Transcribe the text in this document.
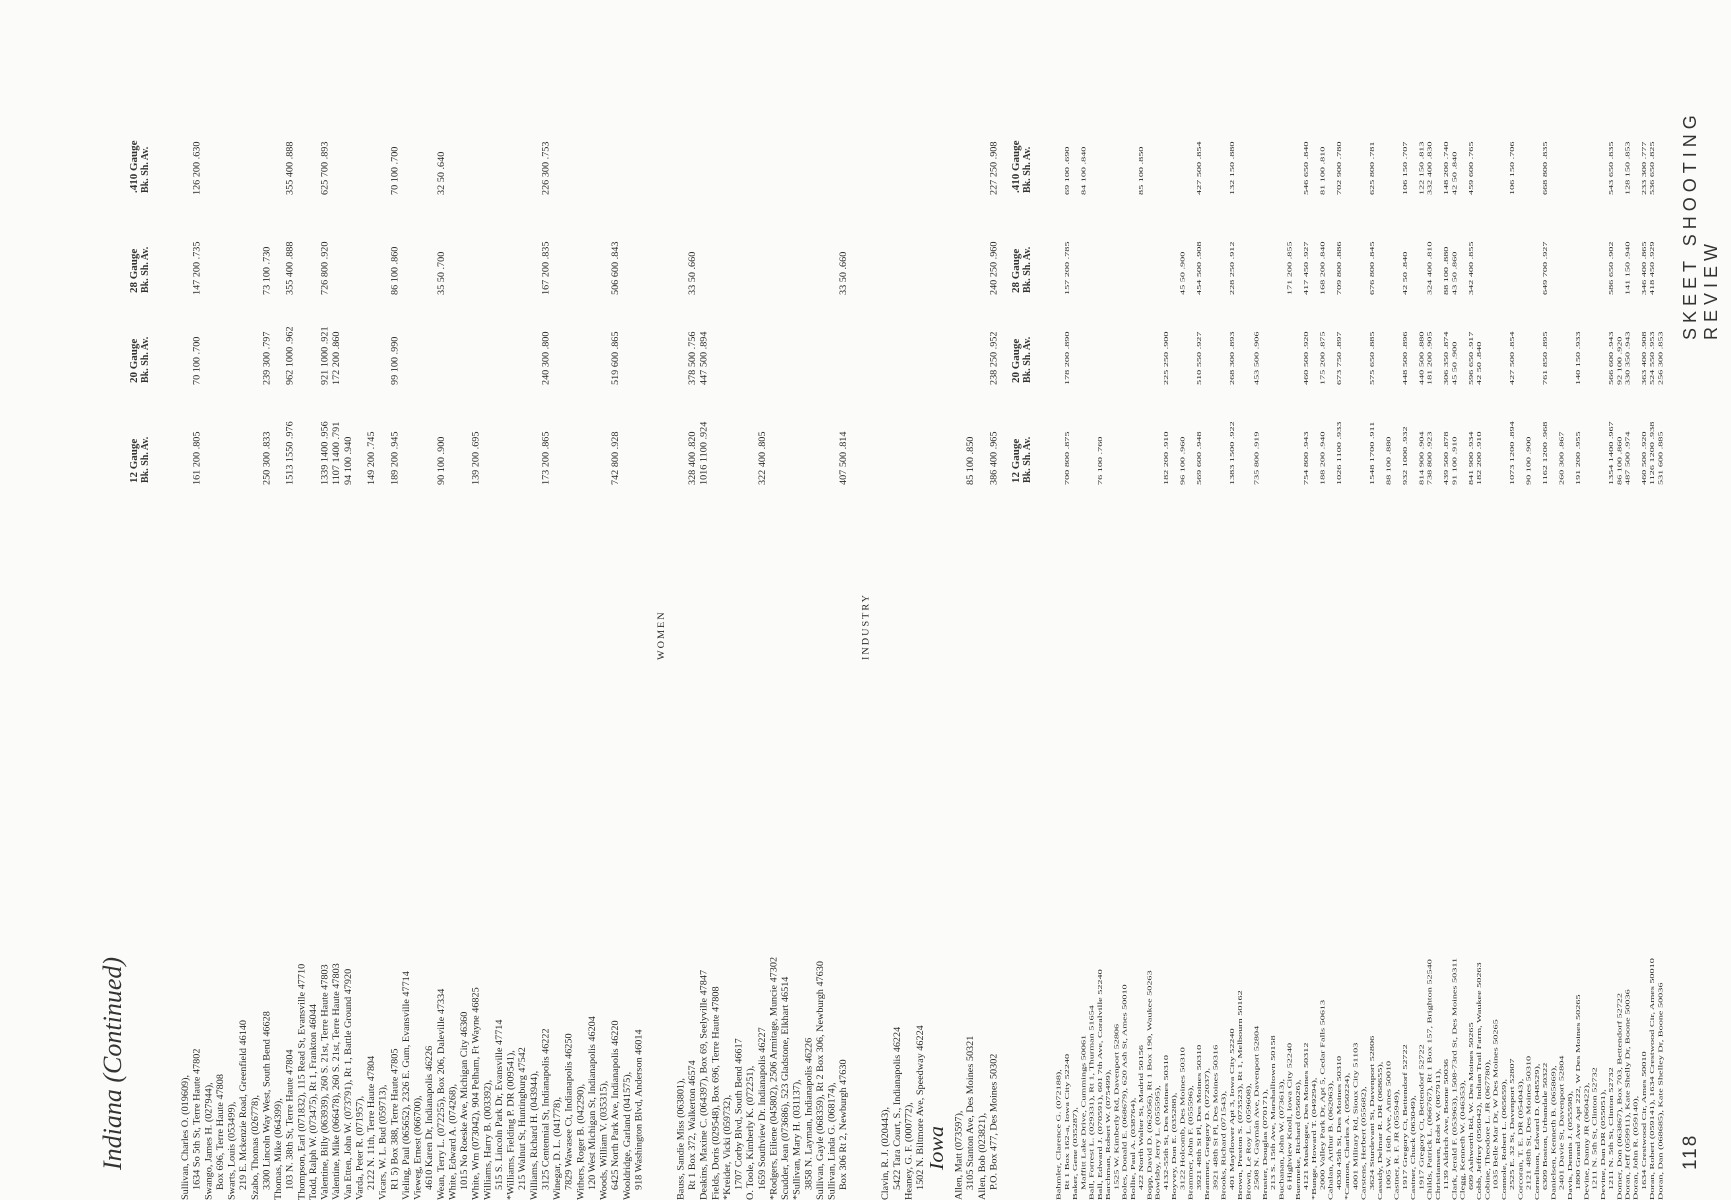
Indiana (Continued)
12 Gauge Bk. Sh. Av.
20 Gauge Bk. Sh. Av.
28 Gauge Bk. Sh. Av.
.410 Gauge Bk. Sh. Av.
Sullivan, Charles O. (019609), 1634 So 5th St, Terre Haute 47802
161 200 .805
70 100 .700
147 200 .735
126 200 .630
Swango, James H. (027944), Box 696, Terre Haute 47808 Swarts, Louis (053499), 219 E. Mckenzie Road, Greenfield 46140 Szabo, Thomas (026778), 3300 Lincoln Way West, South Bend 46628
250 300 .833
239 300 .797
73 100 .730
Thomas, Mike (064399), 103 N. 38th St, Terre Haute 47804
1513 1550 .976
962 1000 .962
355 400 .888
355 400 .888
Thompson, Earl (071832), 115 Read St, Evansville 47710 Todd, Ralph W. (073475), Rt 1, Frankton 46044 Valentine, Billy (063939), 260 S. 21st, Terre Haute 47803
1339 1400 .956
921 1000 .921
726 800 .920
625 700 .893
Valentine, Mike (066478), 260 S. 21st, Terre Haute 47803
1107 1400 .791
172 200 .860
Van Etten, John W. (073791), Rt 1, Battle Ground 47920
94 100 .940
Varda, Peter R. (071957), 2122 N. 11th, Terre Haute 47804
149 200 .745
Vicars, W. L. Bud (059713), R1 5) Box 388, Terre Haute 47805
189 200 .945
99 100 .990
86 100 .860
70 100 .700
Vieling, Paul (065652), 2326 E. Gum, Evansville 47714 Vieweg, Ernest (066700), 4610 Karen Dr, Indianapolis 46226 Wean, Terry L. (072255), Box 206, Daleville 47334
90 100 .900
35 50 .700
32 50 .640
White, Edward A. (074268), 1015 No Roeske Ave, Michigan City 46360 White, Wm (073042), 904 Pelham, Ft Wayne 46825
139 200 .695
Williams, Harry B. (003392), 515 S. Lincoln Park Dr, Evansville 47714 *Williams, Fielding P. DR (009541), 215 Walnut St, Huntingburg 47542 Williams, Richard H. (043944), 3125 Centennial St, Indianapolis 46222
173 200 .865
240 300 .800
167 200 .835
226 300 .753
Winegar, D. L. (041778), 7829 Wawasee Ct, Indianapolis 46250 Withers, Roger B. (042290), 120 West Michigan St, Indianapolis 46204 Woods, William V. (035315), 6425 North Park Ave, Indianapolis 46220
742 800 .928
519 600 .865
506 600 .843
Wooldridge, Garland (041575), 918 Washington Blvd, Anderson 46014
WOMEN
Bauss, Sandie Miss (063801), Rt 1 Box 372, Walkerton 46574
328 400 .820
378 500 .756
33 50 .660
Deakins, Maxine C. (064397), Box 69, Seelyville 47847
1016 1100 .924
447 500 .894
Fields, Doris (029548), Box 696, Terre Haute 47808 *Kreider, Vicki (059732), 1707 Corby Blvd, South Bend 46617 O. Toole, Kimberly K. (072251), 1659 Southview Dr. Indianapolis 46227
322 400 .805
*Rodgers, Eiliene (045802), 2506 Armitage, Muncie 47302 Scudder, Jean (073686), 523 Gladstone, Elkhart 46514 *Sullivan, Mary H. (031137), 3858 N. Layman, Indianapolis 46226 Sullivan, Gayle (068359), Rt 2 Box 306, Newburgh 47630 Sullivan, Linda G. (068174), Box 306 Rt 2, Newburgh 47630
407 500 .814
33 50 .660
INDUSTRY
Clavin, R. J. (020443), 5422 Tara Court, S., Indianapolis 46224 Heaney, G. F. (000772), 1502 N. Biltmore Ave, Speedway 46224 Iowa Allen, Matt (073597), 3105 Stanton Ave, Des Moines 50321
85 100 .850
Allen, Bob (023821), P.O. Box 477, Des Moines 50302
386 400 .965
238 250 .952
240 250 .960
227 250 .908
12 Gauge Bk. Sh. Av.
20 Gauge Bk. Sh. Av.
28 Gauge Bk. Sh. Av.
.410 Gauge Bk. Sh. Av.
Bahmler, Clarence G. (072188), Rt 1 Box 162-a, Iowa City 52240
700 800 .875
178 200 .890
157 200 .785
69 100 .690
Baker, Gene (035287), Maffitt Lake Drive, Cummings 50061
84 100 .840
Ball, Forrest L. (029331), Rt 1, Thurman 51654 Ball, Edward J. (070591), 601 7th Ave, Coralville 52240
76 100 .760
Barchman, Robert W. (075499), 1525 W. Kimberly Rd, Davenport 52806 Boles, Donald E. (068679), 620 Ash St, Ames 50010 Bollie, Paul A. (038764), 422 North Walter St, Madrid 50156
85 100 .850
Bopp, David D. (062056), Rt 1 Box 190, Waukee 50263 Bowlsby, Jerry L. (055595), 4132-55th St, Des Moines 50310
182 200 .910
225 250 .900
Boyvey, Don E. (035288), 3122 Holcomb, Des Moines 50310
96 100 .960
45 50 .900
Brammer, John F. (055596), 3921 48th St Pl, Des Moines 50310
569 600 .948
510 550 .927
454 500 .908
427 500 .854
Brammer, Gregory D. (072037), 3921 48th St Pl, Des Moines 50316 Brooks, Richard (071543), 401 Mayflower Apt 3, Iowa City 52240
1383 1500 .922
268 300 .893
228 250 .912
132 150 .880
Brown, Preston S. (073523), Rt 1, Melbourn 50162 Brown, Le Roy L. (059608), 2508 N. Gaymán Ave, Davenport 52804
735 800 .919
453 500 .906
Bruster, Douglas (070171), 213 S. 15th Ave, Marshalltown 50158 Buchanan, John W. (073613), 6 Highview Knoll, Iowa City 52240
171 200 .855
Buenneke, Richard (056026), 4121 Muskogee, Des Moines 50312
754 800 .943
460 500 .920
417 450 .927
546 650 .840
*Bunge, Howard T. (049294), 2000 Valley Park Dr, Apt 5, Cedar Falls 50613
188 200 .940
175 200 .875
168 200 .840
81 100 .810
Cahalan, Arthur B. (062063), 4030 45th St, Des Moines 50310
1026 1100 .933
673 750 .897
709 800 .886
702 900 .780
*Cannon, Charles A. (050224), 4001 Military Rd, Sioux City 51103 Carstens, Herbert (055682), 3624 Sturdevant St, Davenport 52806
1548 1700 .911
575 650 .885
676 800 .845
625 800 .781
Cassidy, Delmar R. DR (068655), 1005 W. 16th Ave, Ames 50010
88 100 .880
Castner, R. F. JR (055949), 1917 Gregory Ct, Bettendorf 52722
932 1000 .932
448 500 .896
42 50 .840
106 150 .707
Castner, Chuck (063049), 1917 Gregory Ct, Bettendorf 52722
814 900 .904
440 500 .880
122 150 .813
Childs, Patrick L. (066767), Rt 1 Box 157, Brighton 52540
738 800 .923
181 200 .905
324 400 .810
332 400 .830
Christiansen, Robt W. (067911), 1139 Aldrich Ave, Boone 50036
439 500 .878
306 350 .874
88 100 .880
148 200 .740
Clark, Jerald F. (053963), 1508-73rd St, Des Moines 50311
91 100 .910
45 50 .900
43 50 .860
42 50 .840
Clegg, Kenneth W. (046353), 609 Ashworth Rd, W. Des Moines 50265
841 900 .934
596 650 .917
342 400 .855
459 600 .765
Cobb, Jeffrey (056042), Indian Trail Farm, Waukee 50263
182 200 .910
42 50 .840
Cobine, Theodore L. JR (067780), 1035 Belle Mar Dr, W Des Moines 50265 Connole, Robert L. (065659), 2525 E. 32 St, Davenport 52807
1073 1200 .894
427 500 .854
106 150 .706
Corcoran, T. E. DR (054043), 2121 48th St, Des Moines 50310
90 100 .900
Cornelison, Edward D. (048529), 6309 Boston, Urbandale 50322
1162 1200 .968
761 850 .895
649 700 .927
668 800 .835
Danielsen, Kenneth B. (065869), 2401 Davie St, Davenport 52804
260 300 .867
Davis, Dennis J. (055598), 1800 Grand Ave Apt 222, W Des Moines 50265
191 200 .955
140 150 .933
Devine, Danny JR (060422), 1211 N. 5th St, Clinton 52732 Devine, Dan DR (055051), 1211 N. 5th St, Clinton 52732
1354 1400 .967
566 600 .943
586 650 .902
543 650 .835
Domer, Don (063867), Box 703, Bettendorf 52722
86 100 .860
92 100 .920
Doran, Jeff (059911), Kate Shelly Dr, Boone 50036
487 500 .974
330 350 .943
141 150 .940
128 150 .853
Doran, John R. (059140), 1634 Crestwood Cir, Ames 50010
460 500 .920
363 400 .908
346 400 .865
233 300 .777
Doran, Robert (059141), 1634 Crestwood Cir, Ames 50010
1126 1200 .938
524 550 .953
418 450 .929
536 650 .825
Doran, Dan (068685), Kate Shelley Dr, Boone 50036
531 600 .885
256 300 .853
118
SKEET SHOOTING REVIEW
